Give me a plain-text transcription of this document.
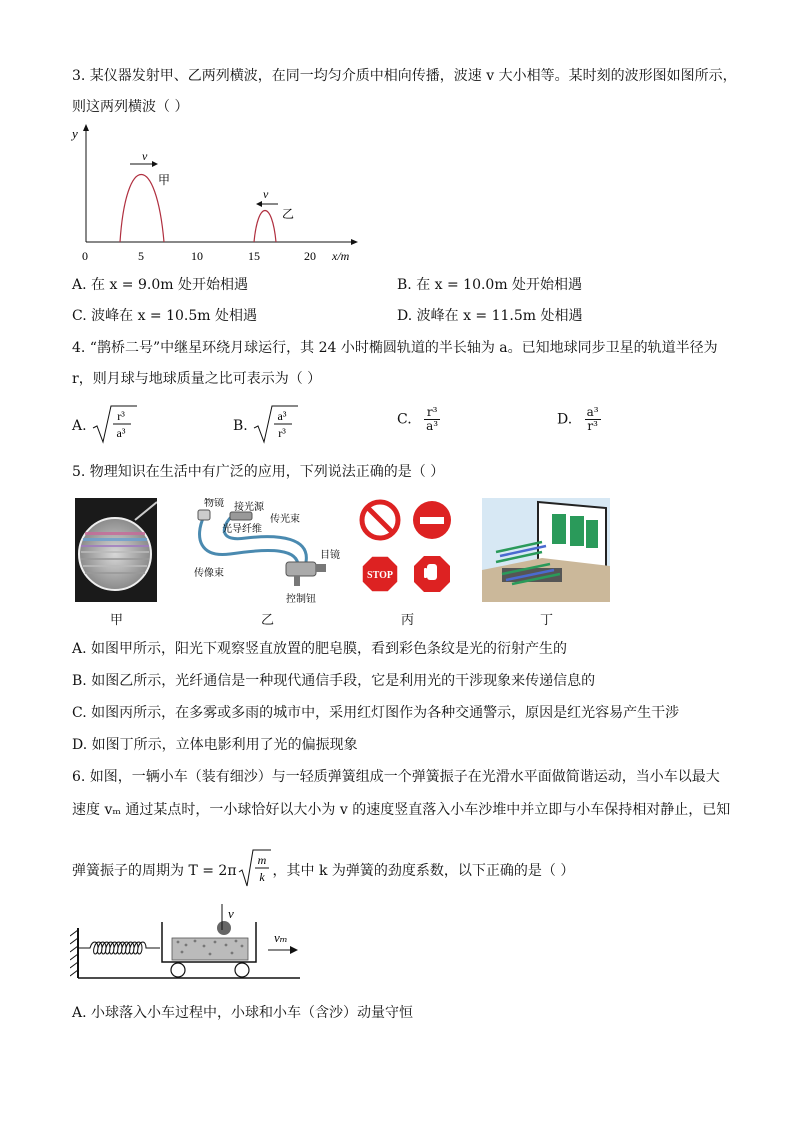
3. 某仪器发射甲、乙两列横波，在同一均匀介质中相向传播，波速 v 大小相等。某时刻的波形图如图所示，
则这两列横波（ ）
y
x/m
0	5	10	15	20
甲
乙
v
v
A. 在 x = 9.0m 处开始相遇	B. 在 x = 10.0m 处开始相遇
C. 波峰在 x = 10.5m 处相遇	D. 波峰在 x = 11.5m 处相遇
4. “鹊桥二号”中继星环绕月球运行，其 24 小时椭圆轨道的半长轴为 a。已知地球同步卫星的轨道半径为
r，则月球与地球质量之比可表示为（ ）
A.
r³
a³	B.
a³
r³
C. $\frac{\text{r³}}{\text{a³}}$	D. $\frac{\text{a³}}{\text{r³}}$
5. 物理知识在生活中有广泛的应用，下列说法正确的是（ ）
物镜 接光源
传光束
光导纤维
传像束
目镜
控制钮
STOP
甲	乙	丙	丁
A. 如图甲所示，阳光下观察竖直放置的肥皂膜，看到彩色条纹是光的衍射产生的
B. 如图乙所示，光纤通信是一种现代通信手段，它是利用光的干涉现象来传递信息的
C. 如图丙所示，在多雾或多雨的城市中，采用红灯图作为各种交通警示，原因是红光容易产生干涉
D. 如图丁所示，立体电影利用了光的偏振现象
6. 如图，一辆小车（装有细沙）与一轻质弹簧组成一个弹簧振子在光滑水平面做简谐运动，当小车以最大
速度 vₘ 通过某点时，一小球恰好以大小为 v 的速度竖直落入小车沙堆中并立即与小车保持相对静止，已知
弹簧振子的周期为 T = 2π
m
k ，其中 k 为弹簧的劲度系数，以下正确的是（ ）
v
vₘ
A. 小球落入小车过程中，小球和小车（含沙）动量守恒
